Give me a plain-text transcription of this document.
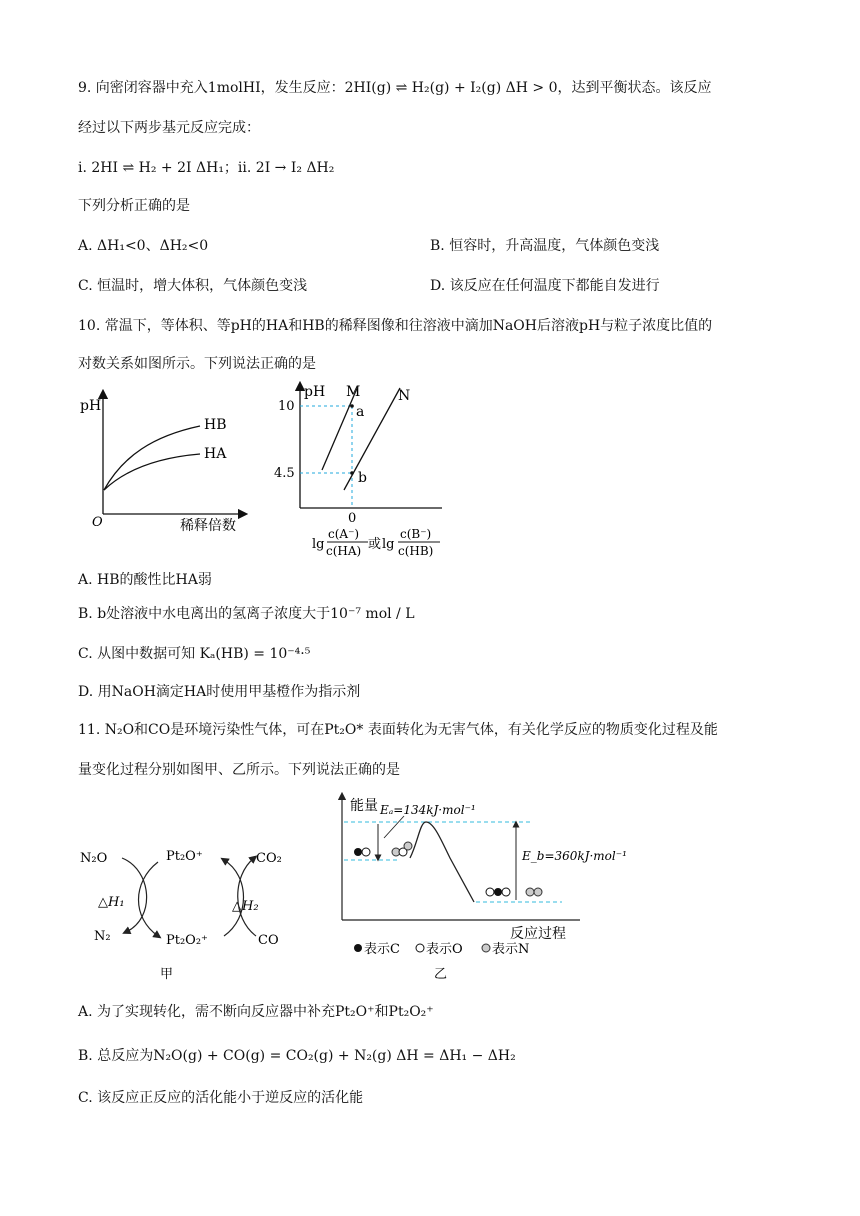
9. 向密闭容器中充入1molHI，发生反应：2HI(g) ⇌ H₂(g) + I₂(g) ΔH > 0，达到平衡状态。该反应
经过以下两步基元反应完成：
i. 2HI ⇌ H₂ + 2I ΔH₁；ii. 2I → I₂ ΔH₂
下列分析正确的是
A. ΔH₁<0、ΔH₂<0	B. 恒容时，升高温度，气体颜色变浅
C. 恒温时，增大体积，气体颜色变浅	D. 该反应在任何温度下都能自发进行
10. 常温下，等体积、等pH的HA和HB的稀释图像和往溶液中滴加NaOH后溶液pH与粒子浓度比值的
对数关系如图所示。下列说法正确的是
pH
O	稀释倍数
HB
HA
pH M	N
a
b
10
4.5
0
lg
c(A⁻)
c(HA) 或 lg
c(B⁻)
c(HB)
A. HB的酸性比HA弱
B. b处溶液中水电离出的氢离子浓度大于10⁻⁷ mol / L
C. 从图中数据可知 Kₐ(HB) = 10⁻⁴·⁵
D. 用NaOH滴定HA时使用甲基橙作为指示剂
11. N₂O和CO是环境污染性气体，可在Pt₂O* 表面转化为无害气体，有关化学反应的物质变化过程及能
量变化过程分别如图甲、乙所示。下列说法正确的是
N₂O
N₂
Pt₂O⁺
Pt₂O₂⁺
CO₂
CO
△H₁	△H₂
甲
能量 Eₐ=134kJ·mol⁻¹
E_b=360kJ·mol⁻¹
反应过程
表示C 表示O 表示N
乙
A. 为了实现转化，需不断向反应器中补充Pt₂O⁺和Pt₂O₂⁺
B. 总反应为N₂O(g) + CO(g) = CO₂(g) + N₂(g) ΔH = ΔH₁ − ΔH₂
C. 该反应正反应的活化能小于逆反应的活化能
